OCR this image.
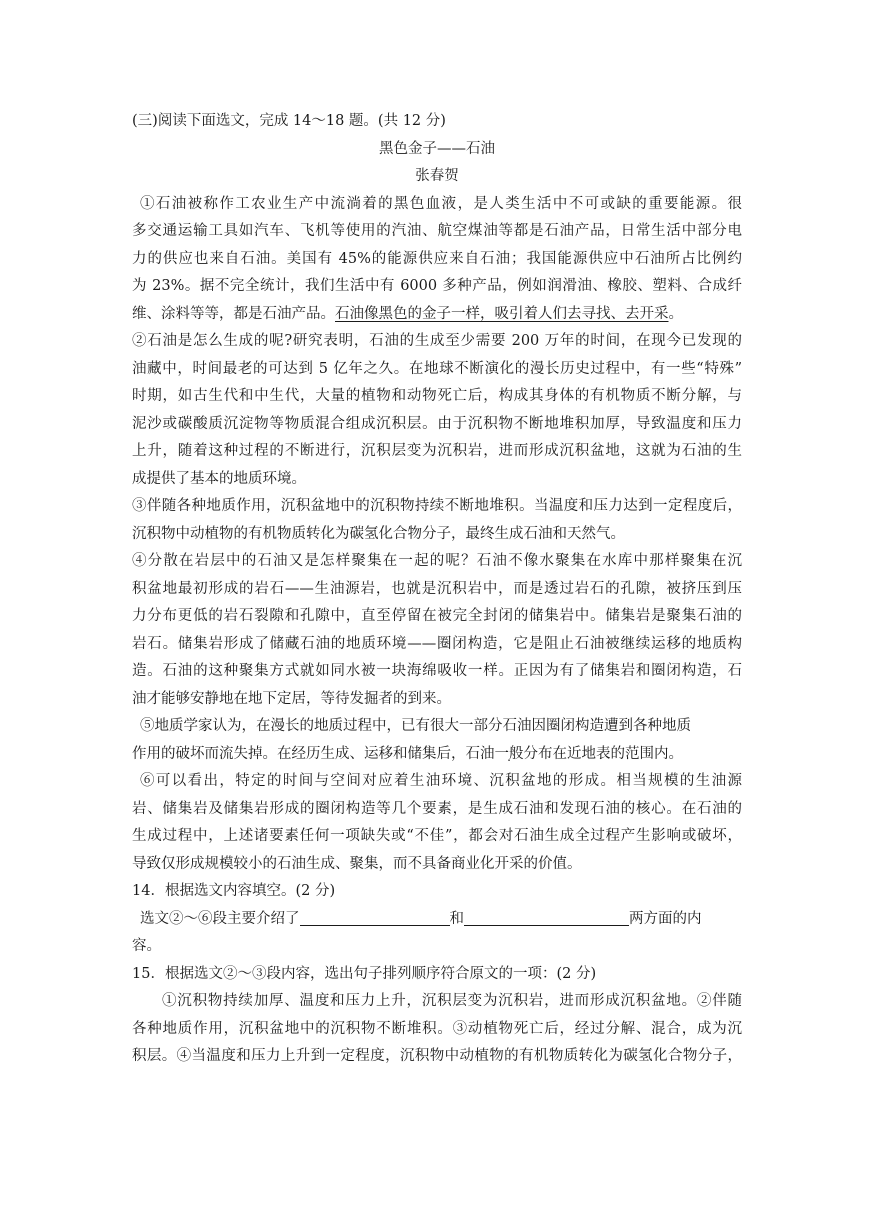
(三)阅读下面选文，完成 14～18 题。(共 12 分)
黑色金子——石油
张春贺
①石油被称作工农业生产中流淌着的黑色血液，是人类生活中不可或缺的重要能源。很
多交通运输工具如汽车、飞机等使用的汽油、航空煤油等都是石油产品，日常生活中部分电
力的供应也来自石油。美国有 45%的能源供应来自石油；我国能源供应中石油所占比例约
为 23%。据不完全统计，我们生活中有 6000 多种产品，例如润滑油、橡胶、塑料、合成纤
维、涂料等等，都是石油产品。石油像黑色的金子一样，吸引着人们去寻找、去开采。
②石油是怎么生成的呢?研究表明，石油的生成至少需要 200 万年的时间，在现今已发现的
油藏中，时间最老的可达到 5 亿年之久。在地球不断演化的漫长历史过程中，有一些“特殊”
时期，如古生代和中生代，大量的植物和动物死亡后，构成其身体的有机物质不断分解，与
泥沙或碳酸质沉淀物等物质混合组成沉积层。由于沉积物不断地堆积加厚，导致温度和压力
上升，随着这种过程的不断进行，沉积层变为沉积岩，进而形成沉积盆地，这就为石油的生
成提供了基本的地质环境。
③伴随各种地质作用，沉积盆地中的沉积物持续不断地堆积。当温度和压力达到一定程度后，
沉积物中动植物的有机物质转化为碳氢化合物分子，最终生成石油和天然气。
④分散在岩层中的石油又是怎样聚集在一起的呢？石油不像水聚集在水库中那样聚集在沉
积盆地最初形成的岩石——生油源岩，也就是沉积岩中，而是透过岩石的孔隙，被挤压到压
力分布更低的岩石裂隙和孔隙中，直至停留在被完全封闭的储集岩中。储集岩是聚集石油的
岩石。储集岩形成了储藏石油的地质环境——圈闭构造，它是阻止石油被继续运移的地质构
造。石油的这种聚集方式就如同水被一块海绵吸收一样。正因为有了储集岩和圈闭构造，石
油才能够安静地在地下定居，等待发掘者的到来。
⑤地质学家认为，在漫长的地质过程中，已有很大一部分石油因圈闭构造遭到各种地质
作用的破坏而流失掉。在经历生成、运移和储集后，石油一般分布在近地表的范围内。
⑥可以看出，特定的时间与空间对应着生油环境、沉积盆地的形成。相当规模的生油源
岩、储集岩及储集岩形成的圈闭构造等几个要素，是生成石油和发现石油的核心。在石油的
生成过程中，上述诸要素任何一项缺失或“不佳”，都会对石油生成全过程产生影响或破坏，
导致仅形成规模较小的石油生成、聚集，而不具备商业化开采的价值。
14．根据选文内容填空。(2 分)
选文②～⑥段主要介绍了	和	两方面的内
容。
15．根据选文②～③段内容，选出句子排列顺序符合原文的一项：(2 分)
①沉积物持续加厚、温度和压力上升，沉积层变为沉积岩，进而形成沉积盆地。②伴随
各种地质作用，沉积盆地中的沉积物不断堆积。③动植物死亡后，经过分解、混合，成为沉
积层。④当温度和压力上升到一定程度，沉积物中动植物的有机物质转化为碳氢化合物分子，
